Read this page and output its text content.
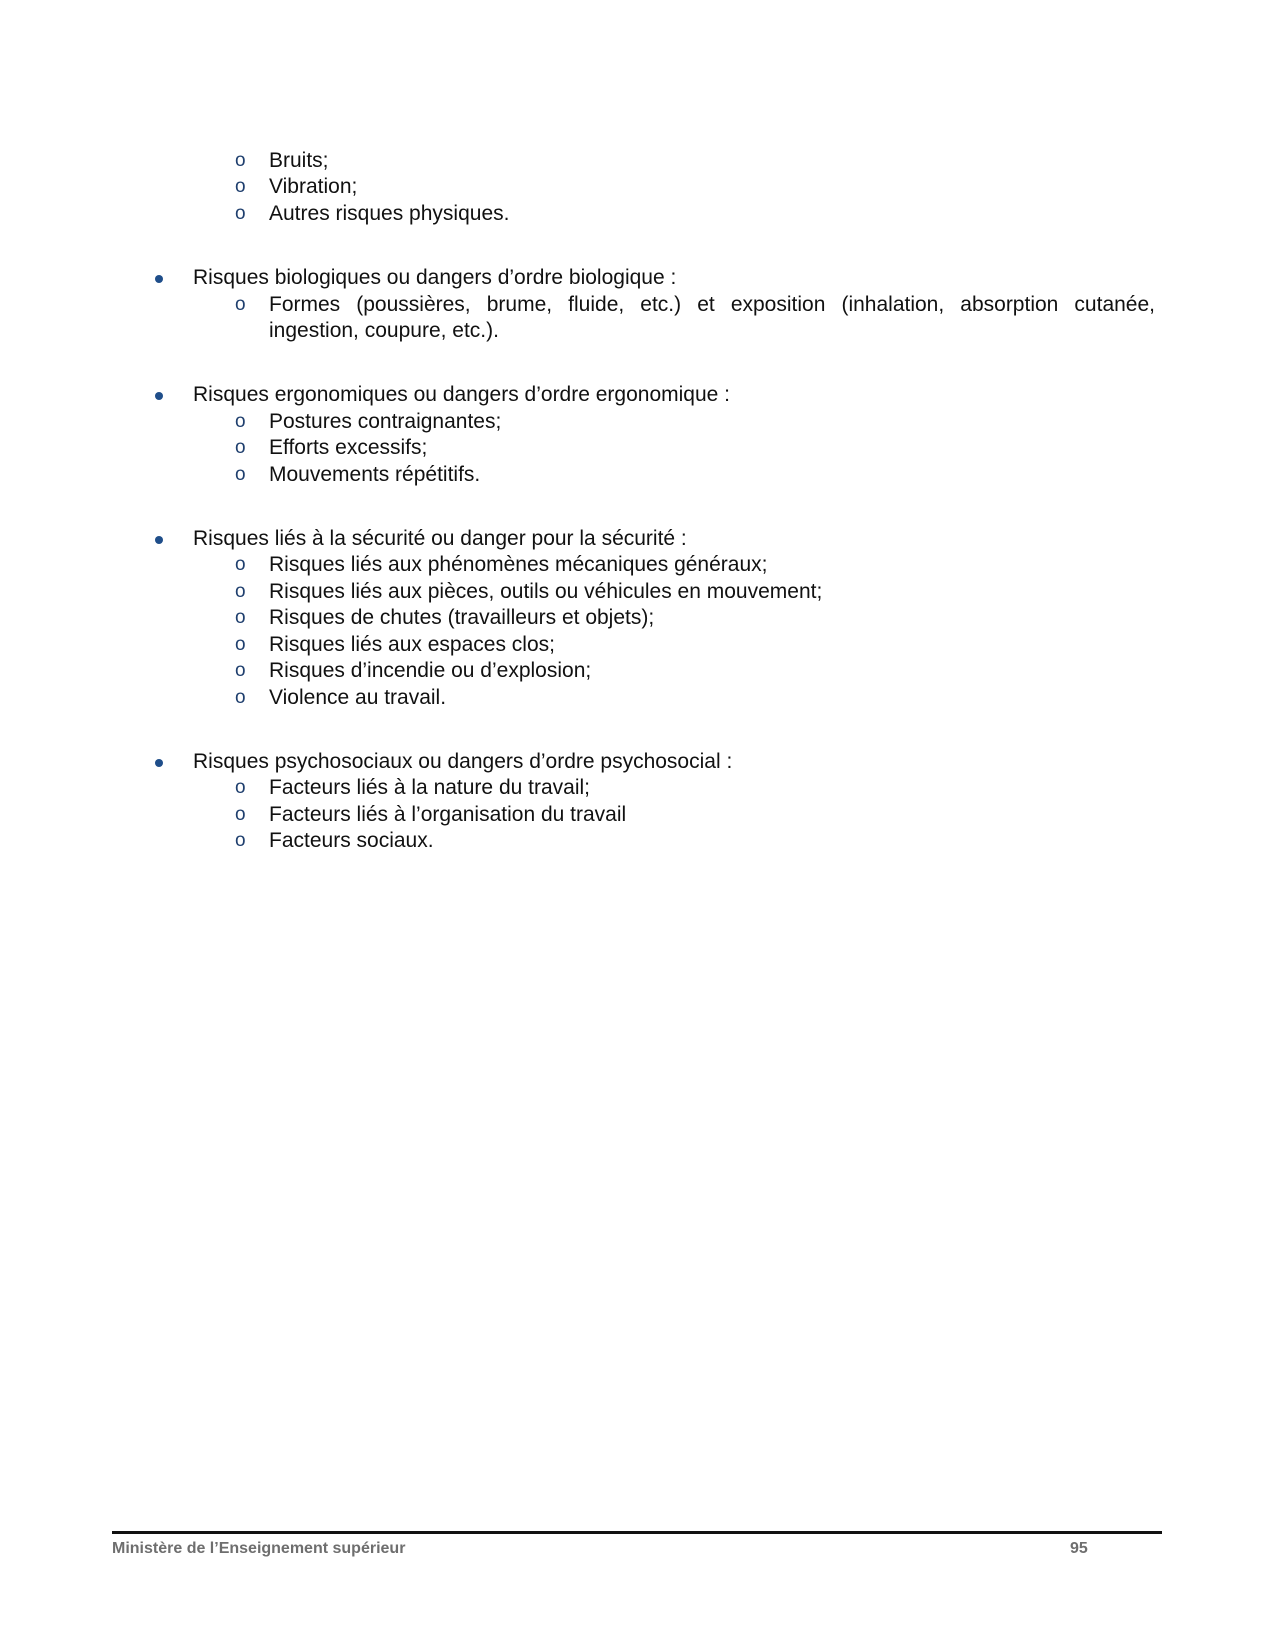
o Bruits;
o Vibration;
o Autres risques physiques.
Risques biologiques ou dangers d’ordre biologique :
o Formes (poussières, brume, fluide, etc.) et exposition (inhalation, absorption cutanée, ingestion, coupure, etc.).
Risques ergonomiques ou dangers d’ordre ergonomique :
o Postures contraignantes;
o Efforts excessifs;
o Mouvements répétitifs.
Risques liés à la sécurité ou danger pour la sécurité :
o Risques liés aux phénomènes mécaniques généraux;
o Risques liés aux pièces, outils ou véhicules en mouvement;
o Risques de chutes (travailleurs et objets);
o Risques liés aux espaces clos;
o Risques d’incendie ou d’explosion;
o Violence au travail.
Risques psychosociaux ou dangers d’ordre psychosocial :
o Facteurs liés à la nature du travail;
o Facteurs liés à l’organisation du travail
o Facteurs sociaux.
Ministère de l’Enseignement supérieur	95
